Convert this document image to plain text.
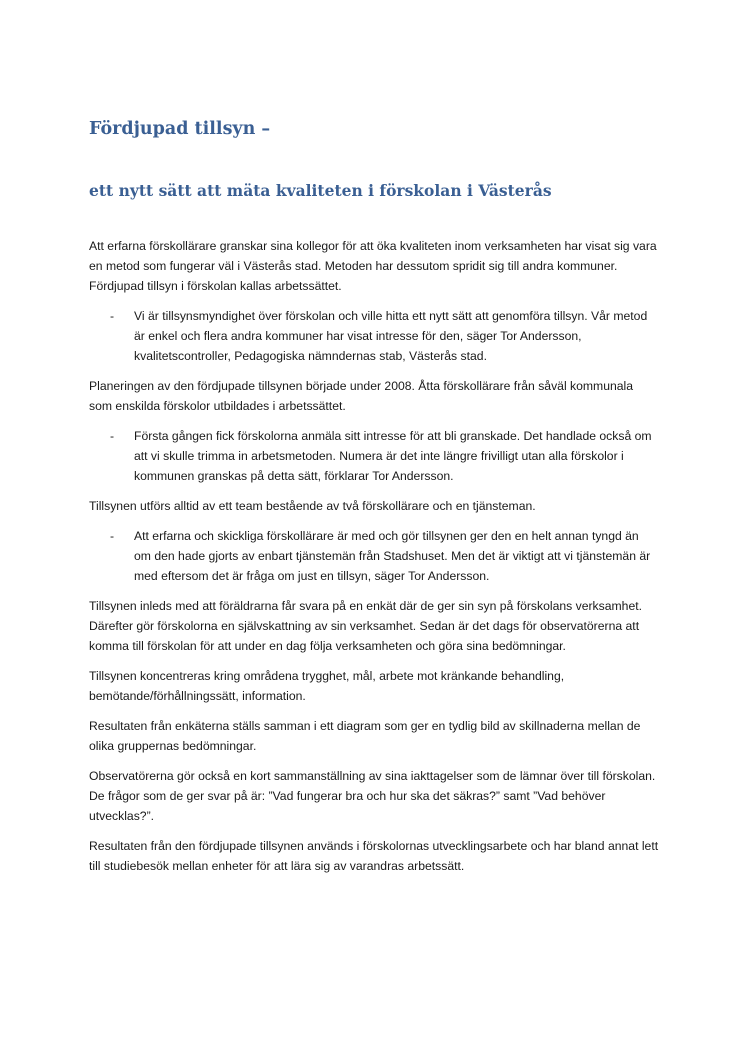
Fördjupad tillsyn –
ett nytt sätt att mäta kvaliteten i förskolan i Västerås

Att erfarna förskollärare granskar sina kollegor för att öka kvaliteten inom verksamheten har visat sig vara en metod som fungerar väl i Västerås stad. Metoden har dessutom spridit sig till andra kommuner. Fördjupad tillsyn i förskolan kallas arbetssättet.

- Vi är tillsynsmyndighet över förskolan och ville hitta ett nytt sätt att genomföra tillsyn. Vår metod är enkel och flera andra kommuner har visat intresse för den, säger Tor Andersson, kvalitetscontroller, Pedagogiska nämndernas stab, Västerås stad.

Planeringen av den fördjupade tillsynen började under 2008. Åtta förskollärare från såväl kommunala som enskilda förskolor utbildades i arbetssättet.

- Första gången fick förskolorna anmäla sitt intresse för att bli granskade. Det handlade också om att vi skulle trimma in arbetsmetoden. Numera är det inte längre frivilligt utan alla förskolor i kommunen granskas på detta sätt, förklarar Tor Andersson.

Tillsynen utförs alltid av ett team bestående av två förskollärare och en tjänsteman.

- Att erfarna och skickliga förskollärare är med och gör tillsynen ger den en helt annan tyngd än om den hade gjorts av enbart tjänstemän från Stadshuset. Men det är viktigt att vi tjänstemän är med eftersom det är fråga om just en tillsyn, säger Tor Andersson.

Tillsynen inleds med att föräldrarna får svara på en enkät där de ger sin syn på förskolans verksamhet. Därefter gör förskolorna en självskattning av sin verksamhet. Sedan är det dags för observatörerna att komma till förskolan för att under en dag följa verksamheten och göra sina bedömningar.

Tillsynen koncentreras kring områdena trygghet, mål, arbete mot kränkande behandling, bemötande/förhållningssätt, information.

Resultaten från enkäterna ställs samman i ett diagram som ger en tydlig bild av skillnaderna mellan de olika gruppernas bedömningar.

Observatörerna gör också en kort sammanställning av sina iakttagelser som de lämnar över till förskolan. De frågor som de ger svar på är: ”Vad fungerar bra och hur ska det säkras?” samt ”Vad behöver utvecklas?”.

Resultaten från den fördjupade tillsynen används i förskolornas utvecklingsarbete och har bland annat lett till studiebesök mellan enheter för att lära sig av varandras arbetssätt.
